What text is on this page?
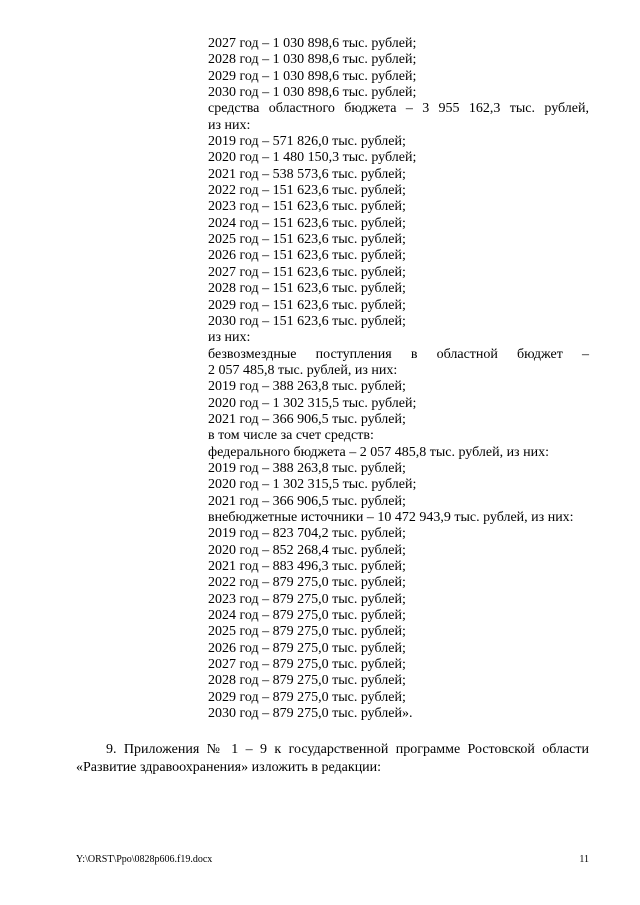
2027 год – 1 030 898,6 тыс. рублей;
2028 год – 1 030 898,6 тыс. рублей;
2029 год – 1 030 898,6 тыс. рублей;
2030 год – 1 030 898,6 тыс. рублей;
средства областного бюджета – 3 955 162,3 тыс. рублей,
из них:
2019 год – 571 826,0 тыс. рублей;
2020 год – 1 480 150,3 тыс. рублей;
2021 год – 538 573,6 тыс. рублей;
2022 год – 151 623,6 тыс. рублей;
2023 год – 151 623,6 тыс. рублей;
2024 год – 151 623,6 тыс. рублей;
2025 год – 151 623,6 тыс. рублей;
2026 год – 151 623,6 тыс. рублей;
2027 год – 151 623,6 тыс. рублей;
2028 год – 151 623,6 тыс. рублей;
2029 год – 151 623,6 тыс. рублей;
2030 год – 151 623,6 тыс. рублей;
из них:
безвозмездные поступления в областной бюджет –
2 057 485,8 тыс. рублей, из них:
2019 год – 388 263,8 тыс. рублей;
2020 год – 1 302 315,5 тыс. рублей;
2021 год – 366 906,5 тыс. рублей;
в том числе за счет средств:
федерального бюджета – 2 057 485,8 тыс. рублей, из них:
2019 год – 388 263,8 тыс. рублей;
2020 год – 1 302 315,5 тыс. рублей;
2021 год – 366 906,5 тыс. рублей;
внебюджетные источники – 10 472 943,9 тыс. рублей, из них:
2019 год – 823 704,2 тыс. рублей;
2020 год – 852 268,4 тыс. рублей;
2021 год – 883 496,3 тыс. рублей;
2022 год – 879 275,0 тыс. рублей;
2023 год – 879 275,0 тыс. рублей;
2024 год – 879 275,0 тыс. рублей;
2025 год – 879 275,0 тыс. рублей;
2026 год – 879 275,0 тыс. рублей;
2027 год – 879 275,0 тыс. рублей;
2028 год – 879 275,0 тыс. рублей;
2029 год – 879 275,0 тыс. рублей;
2030 год – 879 275,0 тыс. рублей».
9. Приложения № 1 – 9 к государственной программе Ростовской области
«Развитие здравоохранения» изложить в редакции:
Y:\ORST\Ppo\0828p606.f19.docx	11
